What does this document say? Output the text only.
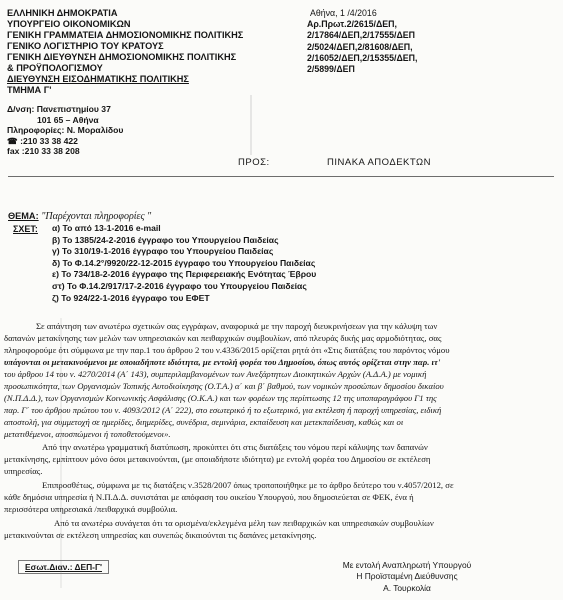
ΕΛΛΗΝΙΚΗ ΔΗΜΟΚΡΑΤΙΑ
ΥΠΟΥΡΓΕΙΟ ΟΙΚΟΝΟΜΙΚΩΝ
ΓΕΝΙΚΗ ΓΡΑΜΜΑΤΕΙΑ ΔΗΜΟΣΙΟΝΟΜΙΚΗΣ ΠΟΛΙΤΙΚΗΣ
ΓΕΝΙΚΟ ΛΟΓΙΣΤΗΡΙΟ ΤΟΥ ΚΡΑΤΟΥΣ
ΓΕΝΙΚΗ ΔΙΕΥΘΥΝΣΗ ΔΗΜΟΣΙΟΝΟΜΙΚΗΣ ΠΟΛΙΤΙΚΗΣ
& ΠΡΟΫΠΟΛΟΓΙΣΜΟΥ
ΔΙΕΥΘΥΝΣΗ ΕΙΣΟΔΗΜΑΤΙΚΗΣ ΠΟΛΙΤΙΚΗΣ
ΤΜΗΜΑ Γ'
Δ/νση: Πανεπιστημίου 37
101 65 – Αθήνα
Πληροφορίες: Ν. Μοραλίδου
☎ :210 33 38 422
fax :210 33 38 208
Αθήνα, 1 /4/2016
Αρ.Πρωτ.2/2615/ΔΕΠ,
2/17864/ΔΕΠ,2/17555/ΔΕΠ
2/5024/ΔΕΠ,2/81608/ΔΕΠ,
2/16052/ΔΕΠ,2/15355/ΔΕΠ,
2/5899/ΔΕΠ
ΠΡΟΣ:	ΠΙΝΑΚΑ ΑΠΟΔΕΚΤΩΝ
ΘΕΜΑ: "Παρέχονται πληροφορίες "
ΣΧΕΤ: α) Το από 13-1-2016 e-mail
β) Το 1385/24-2-2016 έγγραφο του Υπουργείου Παιδείας
γ) Το 310/19-1-2016 έγγραφο του Υπουργείου Παιδείας
δ) Το Φ.14.2°/9920/22-12-2015 έγγραφο του Υπουργείου Παιδείας
ε) Το 734/18-2-2016 έγγραφο της Περιφερειακής Ενότητας Έβρου
στ) Το Φ.14.2/917/17-2-2016 έγγραφο του Υπουργείου Παιδείας
ζ) Το 924/22-1-2016 έγγραφο του ΕΦΕΤ
Σε απάντηση των ανωτέρω σχετικών σας εγγράφων, αναφορικά με την παροχή διευκρινήσεων για την κάλυψη των
δαπανών μετακίνησης των μελών των υπηρεσιακών και πειθαρχικών συμβουλίων, από πλευράς δικής μας αρμοδιότητας, σας
πληροφορούμε ότι σύμφωνα με την παρ.1 του άρθρου 2 του ν.4336/2015 ορίζεται ρητά ότι «Στις διατάξεις του παρόντος νόμου
υπάγονται οι μετακινούμενοι με οποιαδήποτε ιδιότητα, με εντολή φορέα του Δημοσίου, όπως αυτός ορίζεται στην παρ. ιτ'
του άρθρου 14 του ν. 4270/2014 (Α΄ 143), συμπεριλαμβανομένων των Ανεξάρτητων Διοικητικών Αρχών (Α.Δ.Α.) με νομική
προσωπικότητα, των Οργανισμών Τοπικής Αυτοδιοίκησης (Ο.Τ.Α.) α΄ και β΄ βαθμού, των νομικών προσώπων δημοσίου δικαίου
(Ν.Π.Δ.Δ.), των Οργανισμών Κοινωνικής Ασφάλισης (Ο.Κ.Α.) και των φορέων της περίπτωσης 12 της υποπαραγράφου Γ1 της
παρ. Γ΄ του άρθρου πρώτου του ν. 4093/2012 (Α΄ 222), στο εσωτερικό ή το εξωτερικό, για εκτέλεση ή παροχή υπηρεσίας, ειδική
αποστολή, για συμμετοχή σε ημερίδες, διημερίδες, συνέδρια, σεμινάρια, εκπαίδευση και μετεκπαίδευση, καθώς και οι
μετατιθέμενοι, αποσπώμενοι ή τοποθετούμενοι».
Από την ανωτέρω γραμματική διατύπωση, προκύπτει ότι στις διατάξεις του νόμου περί κάλυψης των δαπανών
μετακίνησης, εμπίπτουν μόνο όσοι μετακινούνται, (με οποιαδήποτε ιδιότητα) με εντολή φορέα του Δημοσίου σε εκτέλεση
υπηρεσίας.
Επιπροσθέτως, σύμφωνα με τις διατάξεις ν.3528/2007 όπως τροποποιήθηκε με το άρθρο δεύτερο του ν.4057/2012, σε
κάθε δημόσια υπηρεσία ή Ν.Π.Δ.Δ. συνιστάται με απόφαση του οικείου Υπουργού, που δημοσιεύεται σε ΦΕΚ, ένα ή
περισσότερα υπηρεσιακά /πειθαρχικά συμβούλια.
Από τα ανωτέρω συνάγεται ότι τα ορισμένα/εκλεγμένα μέλη των πειθαρχικών και υπηρεσιακών συμβουλίων
μετακινούνται σε εκτέλεση υπηρεσίας και συνεπώς δικαιούνται τις δαπάνες μετακίνησης.
Εσωτ.Διαν.: ΔΕΠ-Γ'	Με εντολή Αναπληρωτή Υπουργού
Η Προϊσταμένη Διεύθυνσης
Α. Τουρκολία
